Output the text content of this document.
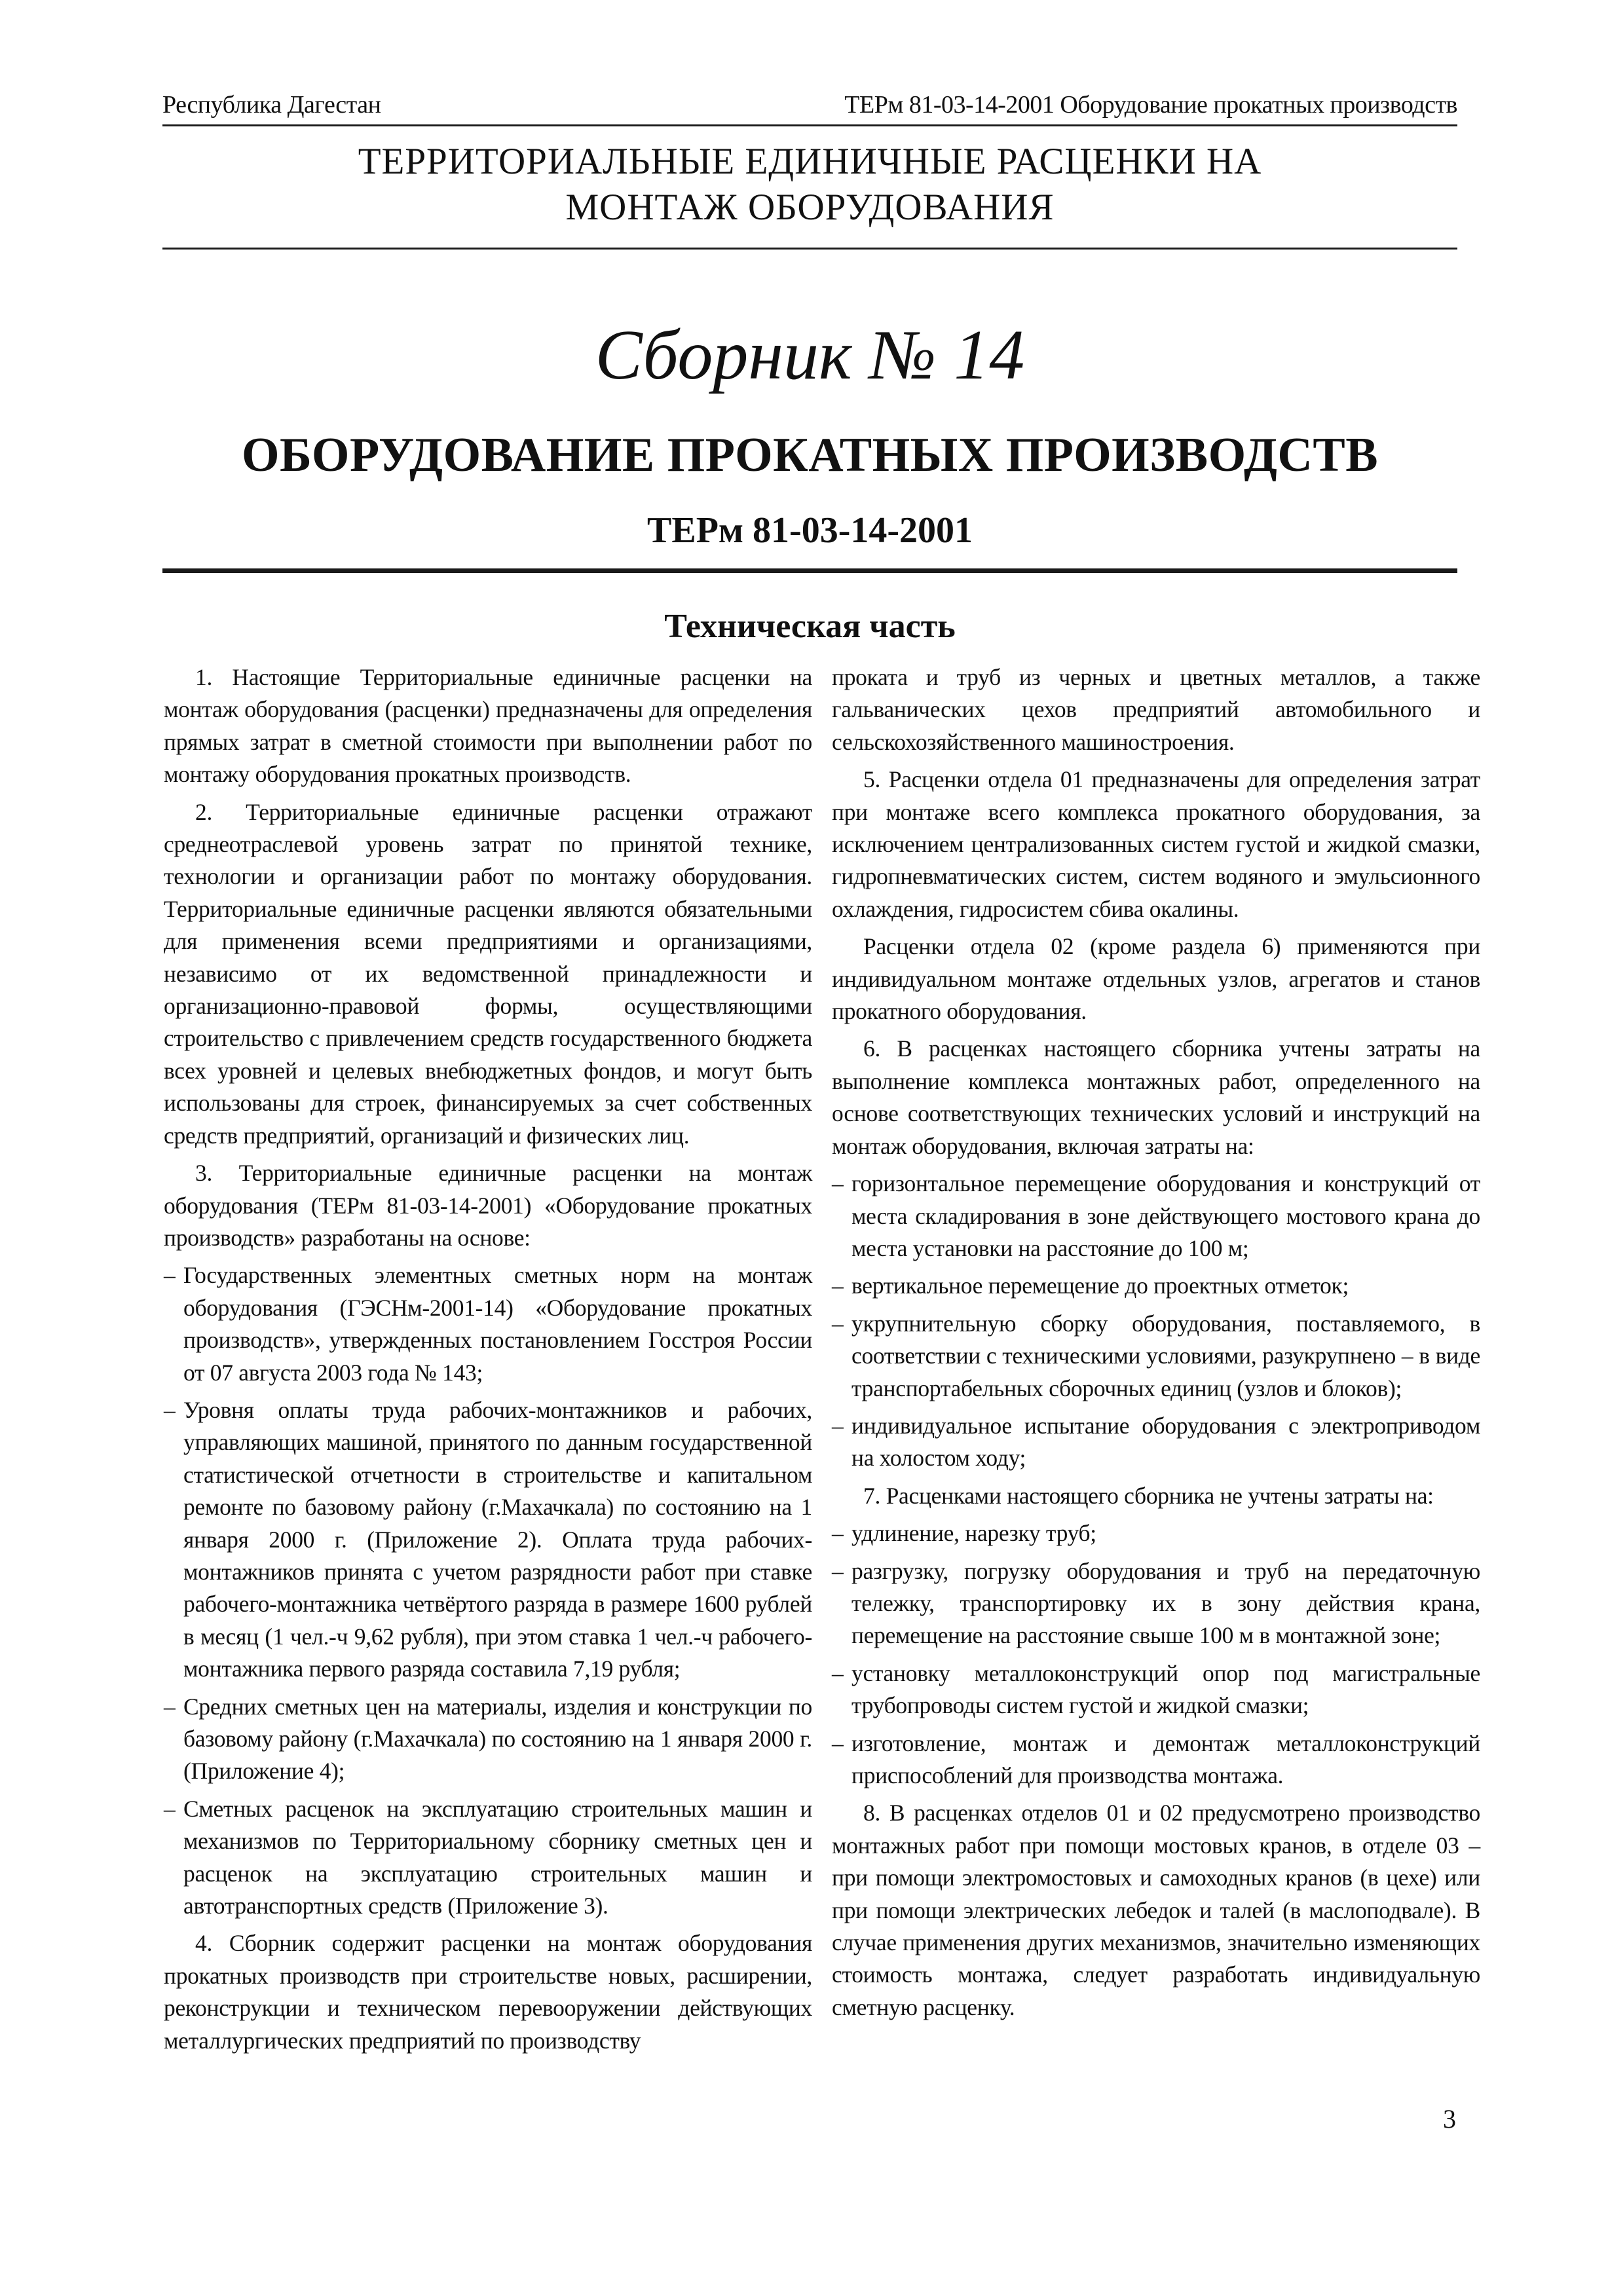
Республика Дагестан	ТЕРм 81-03-14-2001 Оборудование прокатных производств
ТЕРРИТОРИАЛЬНЫЕ ЕДИНИЧНЫЕ РАСЦЕНКИ НА
МОНТАЖ ОБОРУДОВАНИЯ
Сборник № 14
ОБОРУДОВАНИЕ ПРОКАТНЫХ ПРОИЗВОДСТВ
ТЕРм 81-03-14-2001
Техническая часть

1. Настоящие Территориальные единичные расценки на монтаж оборудования (расценки) предназначены для определения прямых затрат в сметной стоимости при выполнении работ по монтажу оборудования прокатных производств.

2. Территориальные единичные расценки отражают среднеотраслевой уровень затрат по принятой технике, технологии и организации работ по монтажу оборудования. Территориальные единичные расценки являются обязательными для применения всеми предприятиями и организациями, независимо от их ведомственной принадлежности и организационно-правовой формы, осуществляющими строительство с привлечением средств государственного бюджета всех уровней и целевых внебюджетных фондов, и могут быть использованы для строек, финансируемых за счет собственных средств предприятий, организаций и физических лиц.

3. Территориальные единичные расценки на монтаж оборудования (ТЕРм 81-03-14-2001) «Оборудование прокатных производств» разработаны на основе:

– Государственных элементных сметных норм на монтаж оборудования (ГЭСНм-2001-14) «Оборудование прокатных производств», утвержденных постановлением Госстроя России от 07 августа 2003 года № 143;
– Уровня оплаты труда рабочих-монтажников и рабочих, управляющих машиной, принятого по данным государственной статистической отчетности в строительстве и капитальном ремонте по базовому району (г.Махачкала) по состоянию на 1 января 2000 г. (Приложение 2). Оплата труда рабочих-монтажников принята с учетом разрядности работ при ставке рабочего-монтажника четвёртого разряда в размере 1600 рублей в месяц (1 чел.-ч 9,62 рубля), при этом ставка 1 чел.-ч рабочего-монтажника первого разряда составила 7,19 рубля;
– Средних сметных цен на материалы, изделия и конструкции по базовому району (г.Махачкала) по состоянию на 1 января 2000 г. (Приложение 4);
– Сметных расценок на эксплуатацию строительных машин и механизмов по Территориальному сборнику сметных цен и расценок на эксплуатацию строительных машин и автотранспортных средств (Приложение 3).

4. Сборник содержит расценки на монтаж оборудования прокатных производств при строительстве новых, расширении, реконструкции и техническом перевооружении действующих металлургических предприятий по производству

проката и труб из черных и цветных металлов, а также гальванических цехов предприятий автомобильного и сельскохозяйственного машиностроения.

5. Расценки отдела 01 предназначены для определения затрат при монтаже всего комплекса прокатного оборудования, за исключением централизованных систем густой и жидкой смазки, гидропневматических систем, систем водяного и эмульсионного охлаждения, гидросистем сбива окалины.

Расценки отдела 02 (кроме раздела 6) применяются при индивидуальном монтаже отдельных узлов, агрегатов и станов прокатного оборудования.

6. В расценках настоящего сборника учтены затраты на выполнение комплекса монтажных работ, определенного на основе соответствующих технических условий и инструкций на монтаж оборудования, включая затраты на:

– горизонтальное перемещение оборудования и конструкций от места складирования в зоне действующего мостового крана до места установки на расстояние до 100 м;
– вертикальное перемещение до проектных отметок;
– укрупнительную сборку оборудования, поставляемого, в соответствии с техническими условиями, разукрупнено – в виде транспортабельных сборочных единиц (узлов и блоков);
– индивидуальное испытание оборудования с электроприводом на холостом ходу;

7. Расценками настоящего сборника не учтены затраты на:

– удлинение, нарезку труб;
– разгрузку, погрузку оборудования и труб на передаточную тележку, транспортировку их в зону действия крана, перемещение на расстояние свыше 100 м в монтажной зоне;
– установку металлоконструкций опор под магистральные трубопроводы систем густой и жидкой смазки;
– изготовление, монтаж и демонтаж металлоконструкций приспособлений для производства монтажа.

8. В расценках отделов 01 и 02 предусмотрено производство монтажных работ при помощи мостовых кранов, в отделе 03 – при помощи электромостовых и самоходных кранов (в цехе) или при помощи электрических лебедок и талей (в маслоподвале). В случае применения других механизмов, значительно изменяющих стоимость монтажа, следует разработать индивидуальную сметную расценку.

3
